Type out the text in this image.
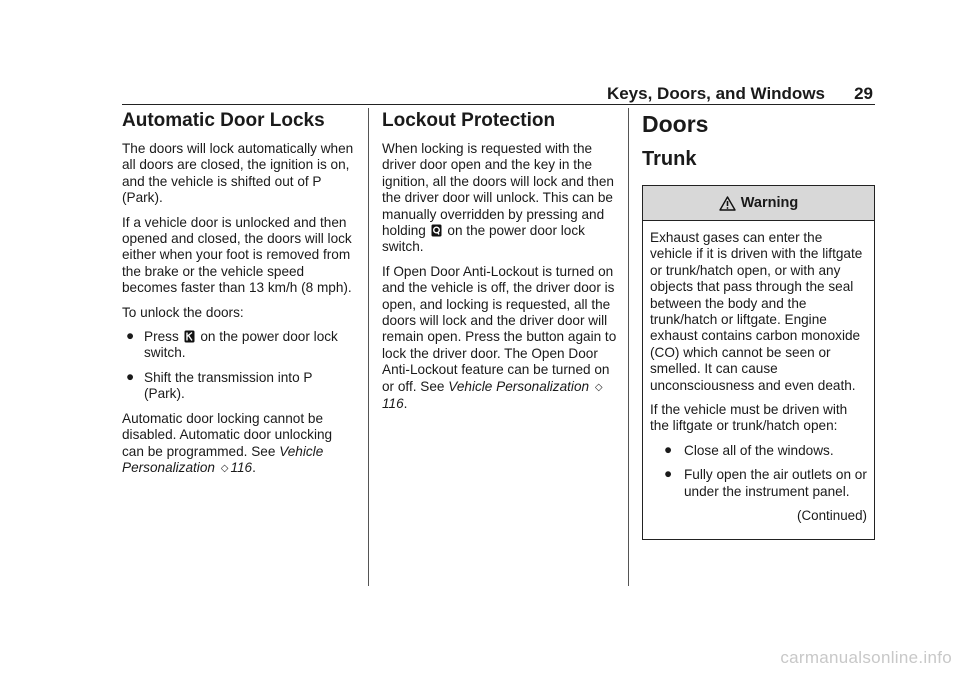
Keys, Doors, and Windows 29
Automatic Door Locks

The doors will lock automatically when all doors are closed, the ignition is on, and the vehicle is shifted out of P (Park).

If a vehicle door is unlocked and then opened and closed, the doors will lock either when your foot is removed from the brake or the vehicle speed becomes faster than 13 km/h (8 mph).

To unlock the doors:

● Press on the power door lock switch.
● Shift the transmission into P (Park).

Automatic door locking cannot be disabled. Automatic door unlocking can be programmed. See Vehicle Personalization ◇ 116.

Lockout Protection

When locking is requested with the driver door open and the key in the ignition, all the doors will lock and then the driver door will unlock. This can be manually overridden by pressing and holding on the power door lock switch.

If Open Door Anti-Lockout is turned on and the vehicle is off, the driver door is open, and locking is requested, all the doors will lock and the driver door will remain open. Press the button again to lock the driver door. The Open Door Anti-Lockout feature can be turned on or off. See Vehicle Personalization ◇116.

Doors
Trunk
Warning

Exhaust gases can enter the vehicle if it is driven with the liftgate or trunk/hatch open, or with any objects that pass through the seal between the body and the trunk/hatch or liftgate. Engine exhaust contains carbon monoxide (CO) which cannot be seen or smelled. It can cause unconsciousness and even death.

If the vehicle must be driven with the liftgate or trunk/hatch open:

● Close all of the windows.
● Fully open the air outlets on or under the instrument panel.

(Continued)

carmanualsonline.info
